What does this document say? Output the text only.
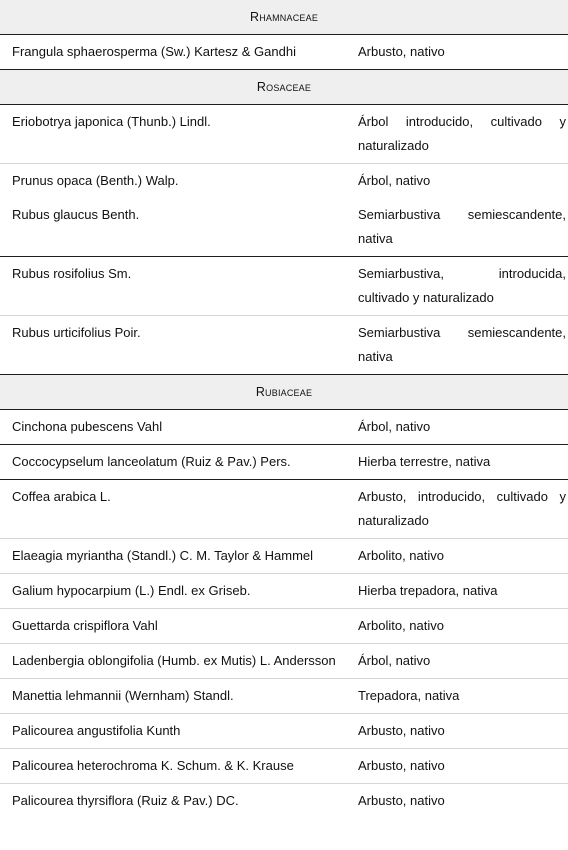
Rhamnaceae	
Frangula sphaerosperma (Sw.) Kartesz & Gandhi	Arbusto, nativo
Rosaceae	
Eriobotrya japonica (Thunb.) Lindl.	Árbol introducido, cultivado y naturalizado
Prunus opaca (Benth.) Walp.	Árbol, nativo
Rubus glaucus Benth.	Semiarbustiva semiescandente, nativa
Rubus rosifolius Sm.	Semiarbustiva, introducida, cultivado y naturalizado
Rubus urticifolius Poir.	Semiarbustiva semiescandente, nativa
Rubiaceae	
Cinchona pubescens Vahl	Árbol, nativo
Coccocypselum lanceolatum (Ruiz & Pav.) Pers.	Hierba terrestre, nativa
Coffea arabica L.	Arbusto, introducido, cultivado y naturalizado
Elaeagia myriantha (Standl.) C. M. Taylor & Hammel	Arbolito, nativo
Galium hypocarpium (L.) Endl. ex Griseb.	Hierba trepadora, nativa
Guettarda crispiflora Vahl	Arbolito, nativo
Ladenbergia oblongifolia (Humb. ex Mutis) L. Andersson	Árbol, nativo
Manettia lehmannii (Wernham) Standl.	Trepadora, nativa
Palicourea angustifolia Kunth	Arbusto, nativo
Palicourea heterochroma K. Schum. & K. Krause	Arbusto, nativo
Palicourea thyrsiflora (Ruiz & Pav.) DC.	Arbusto, nativo
